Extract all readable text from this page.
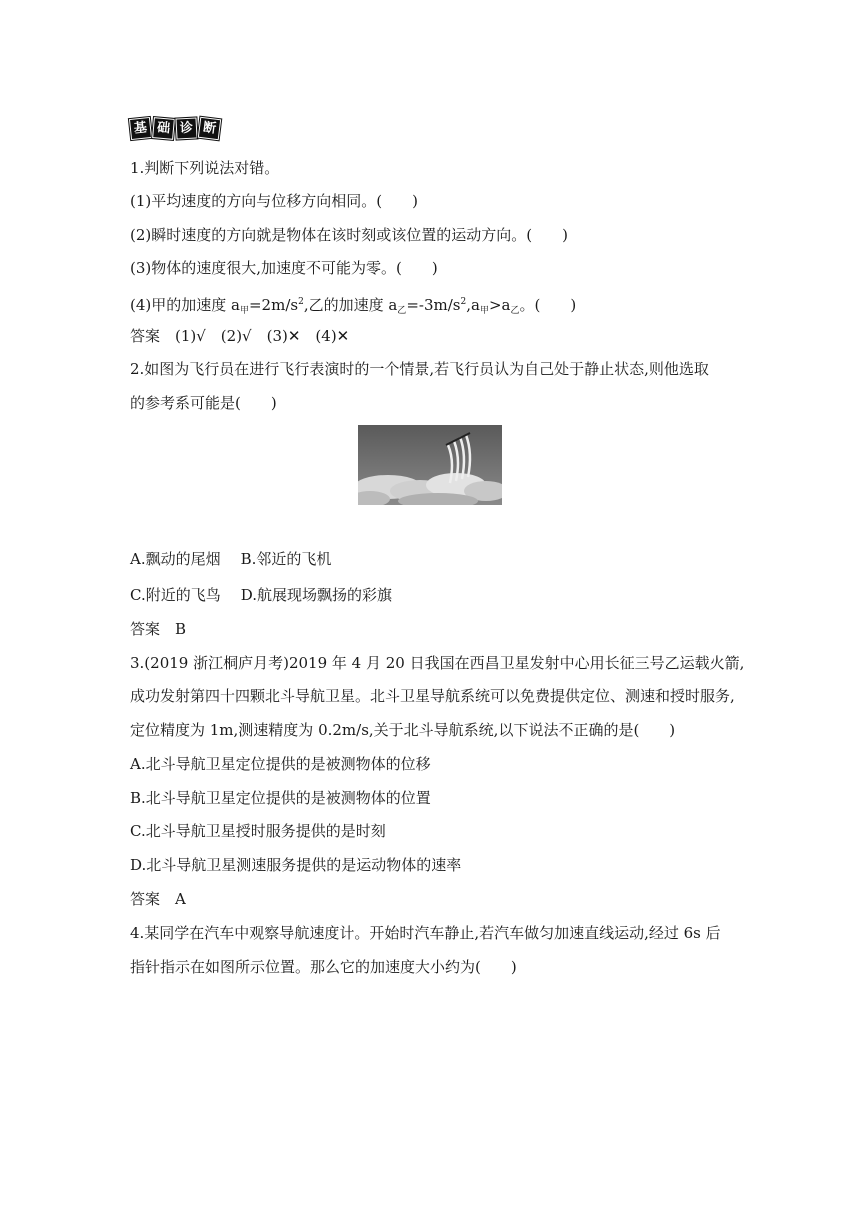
基 础 诊 断
1.判断下列说法对错。
(1)平均速度的方向与位移方向相同。(　　)
(2)瞬时速度的方向就是物体在该时刻或该位置的运动方向。(　　)
(3)物体的速度很大,加速度不可能为零。(　　)
(4)甲的加速度 $a_甲=2m/s^2$,乙的加速度 $a_乙=-3m/s^2,a_甲>a_乙$。(　　)
答案　(1)√　(2)√　(3)✕　(4)✕
2.如图为飞行员在进行飞行表演时的一个情景,若飞行员认为自己处于静止状态,则他选取
的参考系可能是(　　)
A.飘动的尾烟 B.邻近的飞机
C.附近的飞鸟 D.航展现场飘扬的彩旗
答案　B
3.(2019 浙江桐庐月考)2019 年 4 月 20 日我国在西昌卫星发射中心用长征三号乙运载火箭,
成功发射第四十四颗北斗导航卫星。北斗卫星导航系统可以免费提供定位、测速和授时服务,
定位精度为 1m,测速精度为 0.2m/s,关于北斗导航系统,以下说法不正确的是(　　)
A.北斗导航卫星定位提供的是被测物体的位移
B.北斗导航卫星定位提供的是被测物体的位置
C.北斗导航卫星授时服务提供的是时刻
D.北斗导航卫星测速服务提供的是运动物体的速率
答案　A
4.某同学在汽车中观察导航速度计。开始时汽车静止,若汽车做匀加速直线运动,经过 6s 后
指针指示在如图所示位置。那么它的加速度大小约为(　　)
